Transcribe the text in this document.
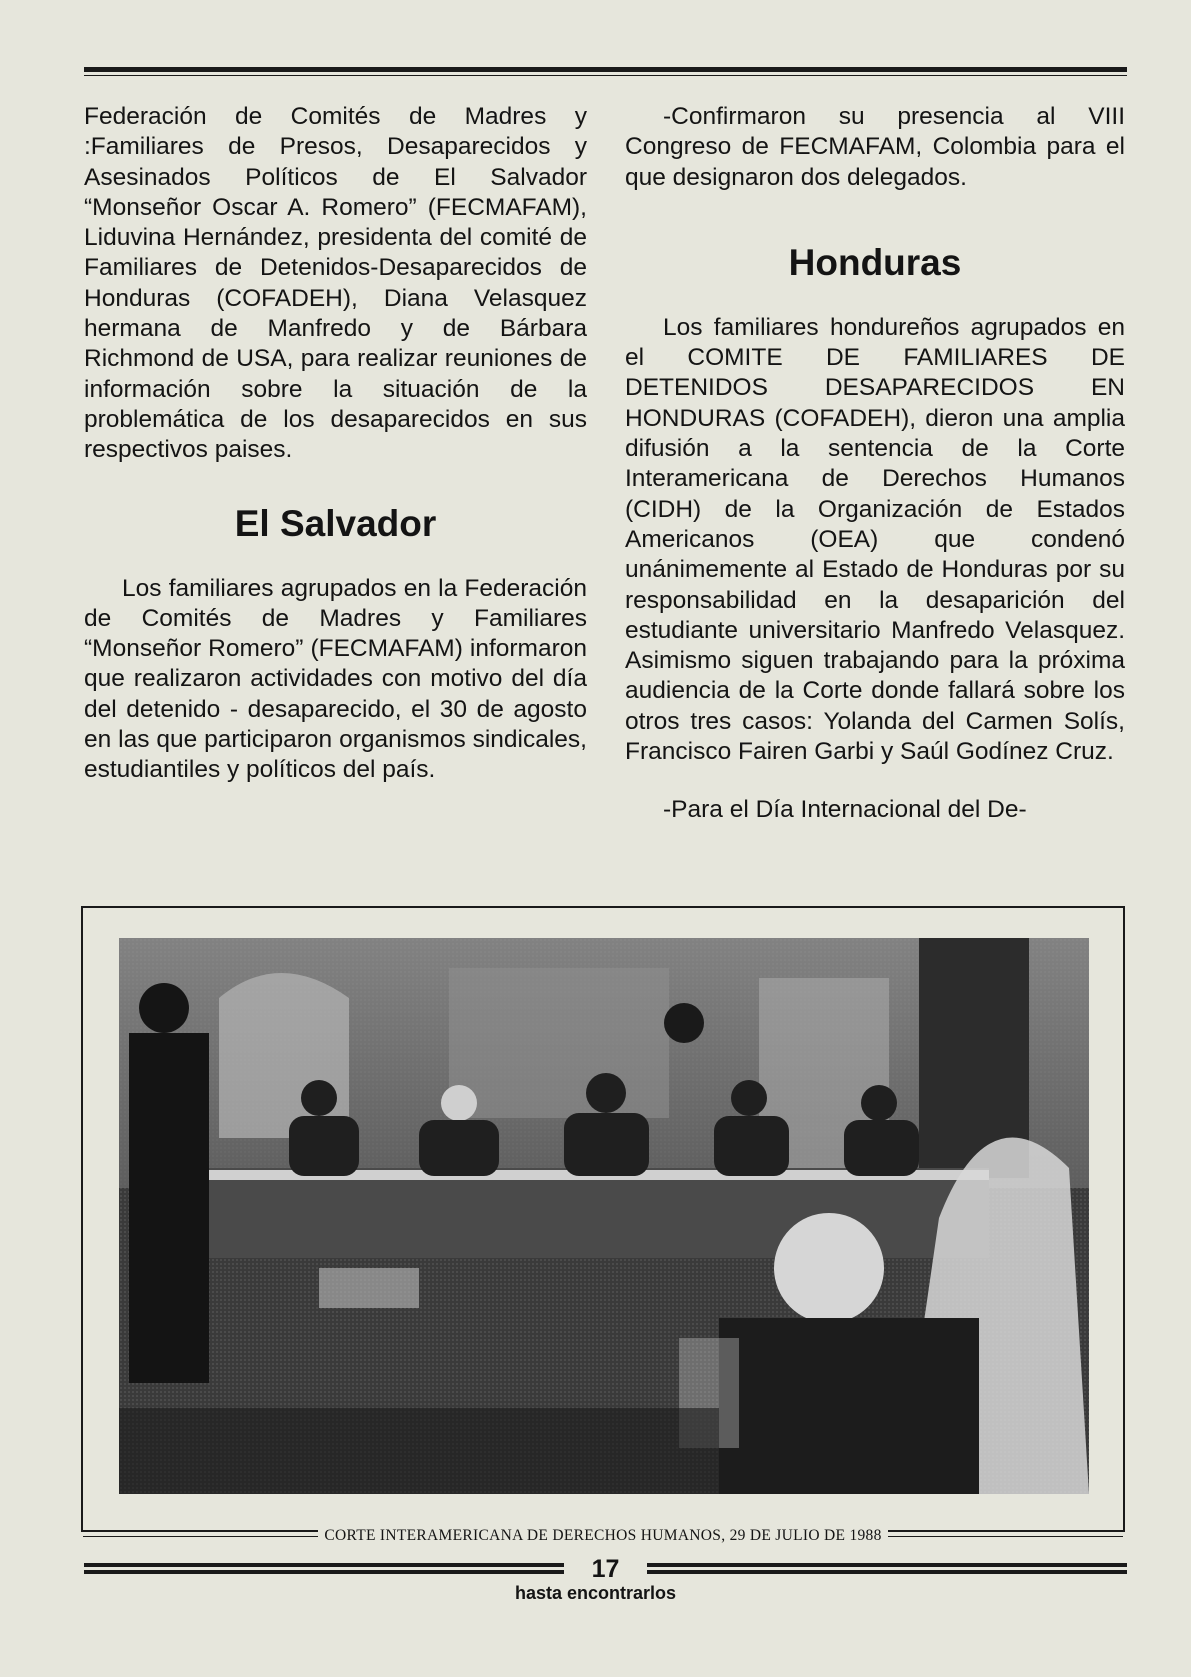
Federación de Comités de Madres y :Familiares de Presos, Desaparecidos y Asesinados Políticos de El Salvador “Monseñor Oscar A. Romero” (FECMAFAM), Liduvina Hernández, presidenta del comité de Familiares de Detenidos-Desaparecidos de Honduras (COFADEH), Diana Velasquez hermana de Manfredo y de Bárbara Richmond de USA, para realizar reuniones de información sobre la situación de la problemática de los desaparecidos en sus respectivos paises.

El Salvador

Los familiares agrupados en la Federación de Comités de Madres y Familiares “Monseñor Romero” (FECMAFAM) informaron que realizaron actividades con motivo del día del detenido - desaparecido, el 30 de agosto en las que participaron organismos sindicales, estudiantiles y políticos del país.

-Confirmaron su presencia al VIII Congreso de FECMAFAM, Colombia para el que designaron dos delegados.

Honduras

Los familiares hondureños agrupados en el COMITE DE FAMILIARES DE DETENIDOS DESAPARECIDOS EN HONDURAS (COFADEH), dieron una amplia difusión a la sentencia de la Corte Interamericana de Derechos Humanos (CIDH) de la Organización de Estados Americanos (OEA) que condenó unánimemente al Estado de Honduras por su responsabilidad en la desaparición del estudiante universitario Manfredo Velasquez. Asimismo siguen trabajando para la próxima audiencia de la Corte donde fallará sobre los otros tres casos: Yolanda del Carmen Solís, Francisco Fairen Garbi y Saúl Godínez Cruz.

-Para el Día Internacional del De-

CORTE INTERAMERICANA DE DERECHOS HUMANOS, 29 DE JULIO DE 1988
17
hasta encontrarlos
